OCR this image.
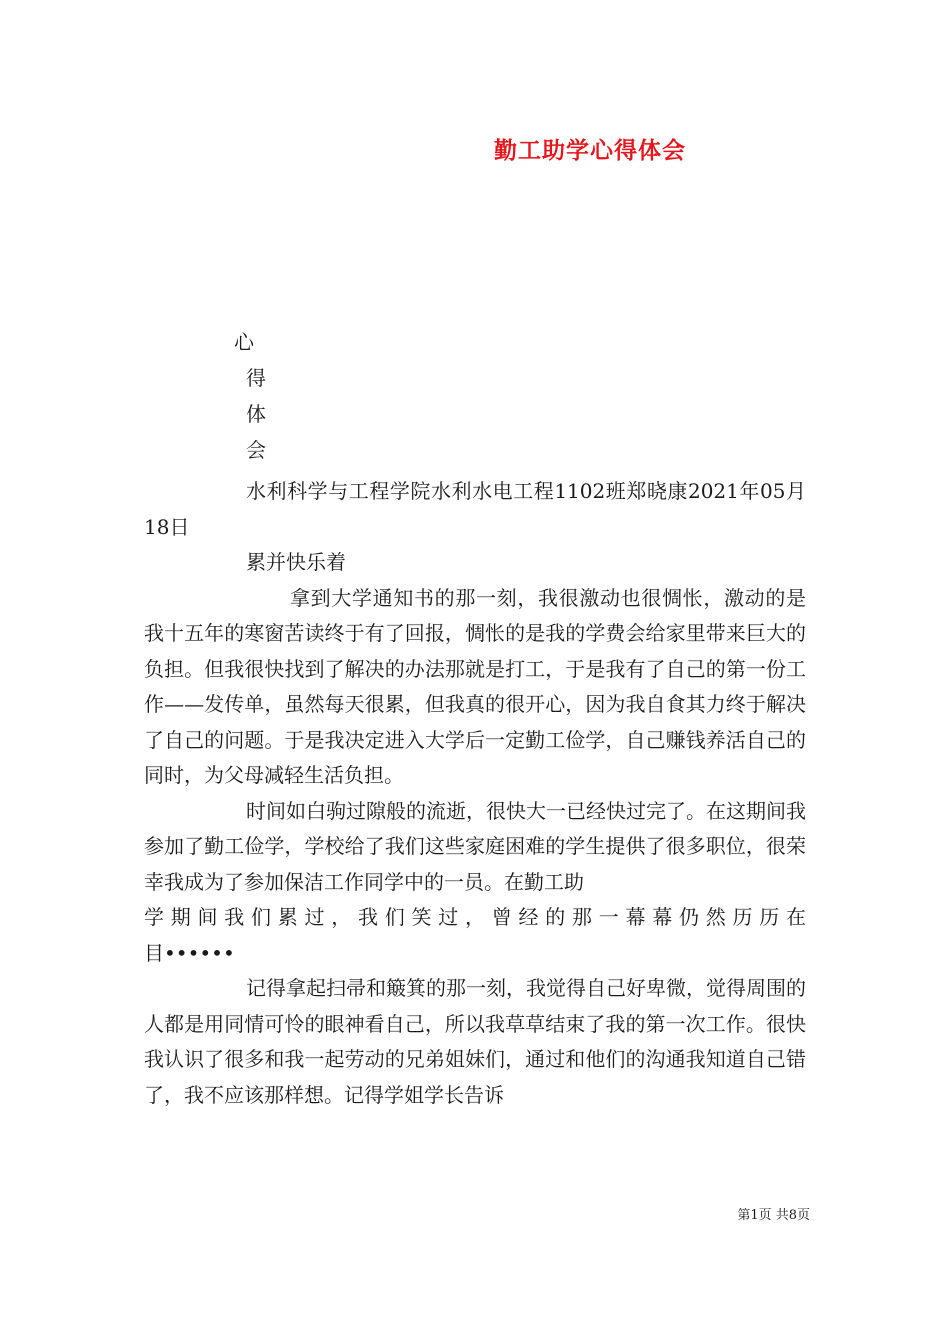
勤工助学心得体会
心
得
体
会

水利科学与工程学院水利水电工程1102班郑晓康2021年05月18日

累并快乐着

拿到大学通知书的那一刻，我很激动也很惆怅，激动的是我十五年的寒窗苦读终于有了回报，惆怅的是我的学费会给家里带来巨大的负担。但我很快找到了解决的办法那就是打工，于是我有了自己的第一份工作——发传单，虽然每天很累，但我真的很开心，因为我自食其力终于解决了自己的问题。于是我决定进入大学后一定勤工俭学，自己赚钱养活自己的同时，为父母减轻生活负担。

时间如白驹过隙般的流逝，很快大一已经快过完了。在这期间我参加了勤工俭学，学校给了我们这些家庭困难的学生提供了很多职位，很荣幸我成为了参加保洁工作同学中的一员。在勤工助

学期间我们累过，我们笑过，曾经的那一幕幕仍然历历在

目••••••

记得拿起扫帚和簸箕的那一刻，我觉得自己好卑微，觉得周围的人都是用同情可怜的眼神看自己，所以我草草结束了我的第一次工作。很快我认识了很多和我一起劳动的兄弟姐妹们，通过和他们的沟通我知道自己错了，我不应该那样想。记得学姐学长告诉

第1页 共8页
